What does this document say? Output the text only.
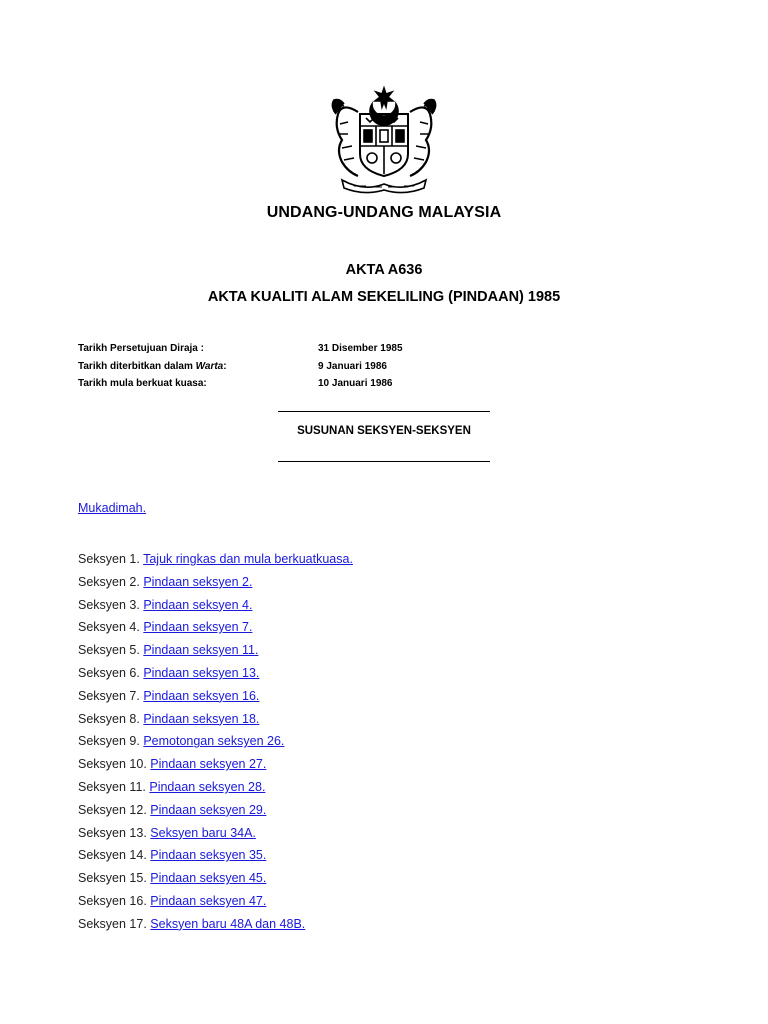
UNDANG-UNDANG MALAYSIA
AKTA A636
AKTA KUALITI ALAM SEKELILING (PINDAAN) 1985
Tarikh Persetujuan Diraja :	31 Disember 1985
Tarikh diterbitkan dalam Warta:	9 Januari 1986
Tarikh mula berkuat kuasa:	10 Januari 1986
SUSUNAN SEKSYEN-SEKSYEN
Mukadimah.
Seksyen 1. Tajuk ringkas dan mula berkuatkuasa.
Seksyen 2. Pindaan seksyen 2.
Seksyen 3. Pindaan seksyen 4.
Seksyen 4. Pindaan seksyen 7.
Seksyen 5. Pindaan seksyen 11.
Seksyen 6. Pindaan seksyen 13.
Seksyen 7. Pindaan seksyen 16.
Seksyen 8. Pindaan seksyen 18.
Seksyen 9. Pemotongan seksyen 26.
Seksyen 10. Pindaan seksyen 27.
Seksyen 11. Pindaan seksyen 28.
Seksyen 12. Pindaan seksyen 29.
Seksyen 13. Seksyen baru 34A.
Seksyen 14. Pindaan seksyen 35.
Seksyen 15. Pindaan seksyen 45.
Seksyen 16. Pindaan seksyen 47.
Seksyen 17. Seksyen baru 48A dan 48B.
